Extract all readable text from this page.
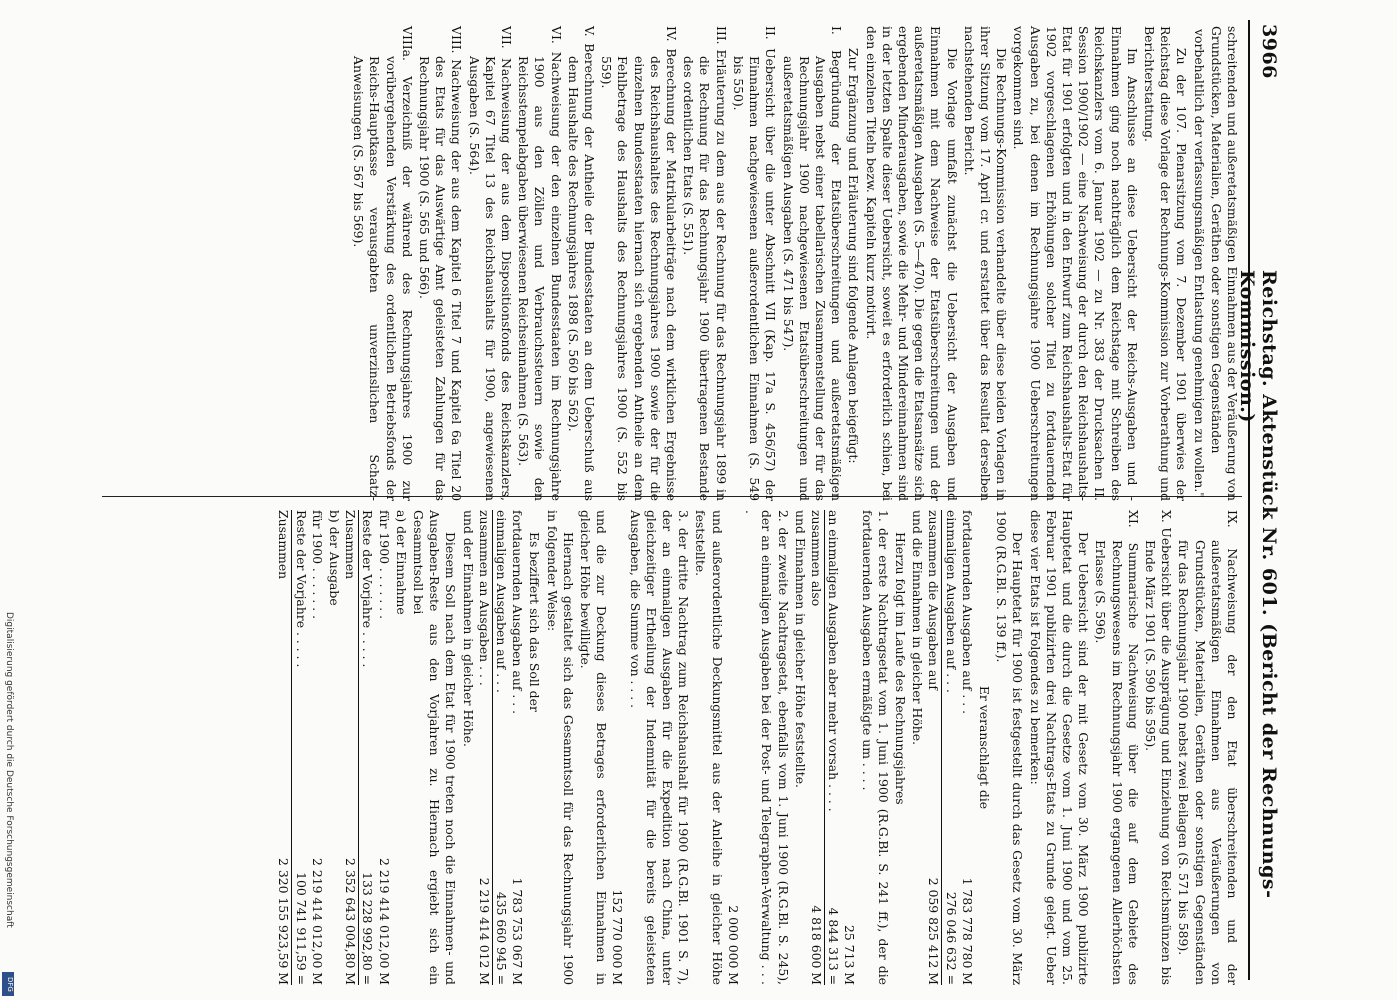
3966
Reichstag. Aktenstück Nr. 601. (Bericht der Rechnungs-Kommission.)

schreitenden und außeretatsmäßigen Einnahmen aus der Veräußerung von Grundstücken, Materialien, Geräthen oder sonstigen Gegenständen

vorbehaltlich der verfassungsmäßigen Entlastung genehmigen zu wollen."

Zu der 107. Plenarsitzung vom 7. Dezember 1901 überwies der Reichstag diese Vorlage der Rechnungs-Kommission zur Vorberathung und Berichterstattung.

Im Anschlusse an diese Uebersicht der Reichs-Ausgaben und -Einnahmen ging noch nachträglich dem Reichstage mit Schreiben des Reichskanzlers vom 6. Januar 1902 — zu Nr. 383 der Drucksachen II. Session 1900/1902 — eine Nachweisung der durch den Reichshaushalts-Etat für 1901 erfolgten und in den Entwurf zum Reichshaushalts-Etat für 1902 vorgeschlagenen Erhöhungen solcher Titel zu fortdauernden Ausgaben zu, bei denen im Rechnungsjahre 1900 Ueberschreitungen vorgekommen sind.

Die Rechnungs-Kommission verhandelte über diese beiden Vorlagen in ihrer Sitzung vom 17. April cr. und erstattet über das Resultat derselben nachstehenden Bericht.

Die Vorlage umfaßt zunächst die Uebersicht der Ausgaben und Einnahmen mit dem Nachweise der Etatsüberschreitungen und der außeretatsmäßigen Ausgaben (S. 5—470). Die gegen die Etatsansätze sich ergebenden Minderausgaben, sowie die Mehr- und Mindereinnahmen sind in der letzten Spalte dieser Uebersicht, soweit es erforderlich schien, bei den einzelnen Titeln bezw. Kapiteln kurz motivirt.

Zur Ergänzung und Erläuterung sind folgende Anlagen beigefügt:

I. Begründung der Etatsüberschreitungen und außeretatsmäßigen Ausgaben nebst einer tabellarischen Zusammenstellung der für das Rechnungsjahr 1900 nachgewiesenen Etatsüberschreitungen und außeretatsmäßigen Ausgaben (S. 471 bis 547).

II. Uebersicht über die unter Abschnitt VII (Kap. 17a S. 456/57) der Einnahmen nachgewiesenen außerordentlichen Einnahmen (S. 549 bis 550).

III. Erläuterung zu dem aus der Rechnung für das Rechnungsjahr 1899 in die Rechnung für das Rechnungsjahr 1900 übertragenen Bestande des ordentlichen Etats (S. 551).

IV. Berechnung der Matrikularbeiträge nach dem wirklichen Ergebnisse des Reichshaushaltes des Rechnungsjahres 1900 sowie der für die einzelnen Bundesstaaten hiernach sich ergebenden Antheile an dem Fehlbetrage des Haushalts des Rechnungsjahres 1900 (S. 552 bis 559).

V. Berechnung der Antheile der Bundesstaaten an dem Ueberschuß aus dem Haushalte des Rechnungsjahres 1898 (S. 560 bis 562).

VI. Nachweisung der den einzelnen Bundesstaaten im Rechnungsjahre 1900 aus den Zöllen und Verbrauchssteuern sowie den Reichsstempelabgaben überwiesenen Reichseinnahmen (S. 563).

VII. Nachweisung der aus dem Dispositionsfonds des Reichskanzlers, Kapitel 67 Titel 13 des Reichshaushalts für 1900, angewiesenen Ausgaben (S. 564).

VIII. Nachweisung der aus dem Kapitel 6 Titel 7 und Kapitel 6a Titel 20 des Etats für das Auswärtige Amt geleisteten Zahlungen für das Rechnungsjahr 1900 (S. 565 und 566).

VIIIa. Verzeichniß der während des Rechnungsjahres 1900 zur vorübergehenden Verstärkung des ordentlichen Betriebsfonds der Reichs-Hauptkasse verausgabten unverzinslichen Schatz-Anweisungen (S. 567 bis 569).

IX. Nachweisung der den Etat überschreitenden und der außeretatsmäßigen Einnahmen aus Veräußerungen von Grundstücken, Materialien, Geräthen oder sonstigen Gegenständen für das Rechnungsjahr 1900 nebst zwei Beilagen (S. 571 bis 589).

X. Uebersicht über die Ausprägung und Einziehung von Reichsmünzen bis Ende März 1901 (S. 590 bis 595).

XI. Summarische Nachweisung über die auf dem Gebiete des Rechnungswesens im Rechnungsjahr 1900 ergangenen Allerhöchsten Erlasse (S. 596).

Der Uebersicht sind der mit Gesetz vom 30. März 1900 publizirte Hauptetat und die durch die Gesetze vom 1. Juni 1900 und vom 25. Februar 1901 publizirten drei Nachtrags-Etats zu Grunde gelegt. Ueber diese vier Etats ist Folgendes zu bemerken:

Der Hauptetat für 1900 ist festgestellt durch das Gesetz vom 30. März 1900 (R.G.Bl. S. 139 ff.).

Er veranschlagt die

fortdauernden Ausgaben auf . . .
1 783 778 780 M
einmaligen Ausgaben auf . . .
276 046 632 =
zusammen die Ausgaben auf
2 059 825 412 M

und die Einnahmen in gleicher Höhe.

Hierzu folgt im Laufe des Rechnungsjahres

1. der erste Nachtragsetat vom 1. Juni 1900 (R.G.Bl. S. 241 ff.), der die fortdauernden Ausgaben ermäßigte um . . . .

25 713 M
an einmaligen Ausgaben aber mehr vorsah . . . .
4 844 313 =
zusammen also
4 818 600 M

und Einnahmen in gleicher Höhe feststellte.

2. der zweite Nachtragsetat, ebenfalls vom 1. Juni 1900 (R.G.Bl. S. 245), der an einmaligen Ausgaben bei der Post- und Telegraphen-Verwaltung . . . .

2 000 000 M

und außerordentliche Deckungsmittel aus der Anleihe in gleicher Höhe feststellte.

3. der dritte Nachtrag zum Reichshaushalt für 1900 (R.G.Bl. 1901 S. 7), der an einmaligen Ausgaben für die Expedition nach China, unter gleichzeitiger Ertheilung der Indemnität für die bereits geleisteten Ausgaben, die Summe von . . . .

152 770 000 M

und die zur Deckung dieses Betrages erforderlichen Einnahmen in gleicher Höhe bewilligte.

Hiernach gestaltet sich das Gesammtsoll für das Rechnungsjahr 1900 in folgender Weise:

Es beziffert sich das Soll der

fortdauernden Ausgaben auf . . .
1 783 753 067 M
einmaligen Ausgaben auf . . .
435 660 945 =
zusammen an Ausgaben . . .
2 219 414 012 M

und der Einnahmen in gleicher Höhe.

Diesem Soll nach dem Etat für 1900 treten noch die Einnahmen- und Ausgaben-Reste aus den Vorjahren zu. Hiernach ergiebt sich ein Gesammtsoll bei

a) der Einnahme

für 1900 . . . . . . .
2 219 414 012,00 M
Reste der Vorjahre . . . . .
133 228 992,80 =
Zusammen
2 352 643 004,80 M

b) der Ausgabe

für 1900 . . . . . . .
2 219 414 012,00 M
Reste der Vorjahre . . . . .
100 741 911,59 =
Zusammen
2 320 155 923,59 M
Digitalisierung gefördert durch die Deutsche Forschungsgemeinschaft
DFG
